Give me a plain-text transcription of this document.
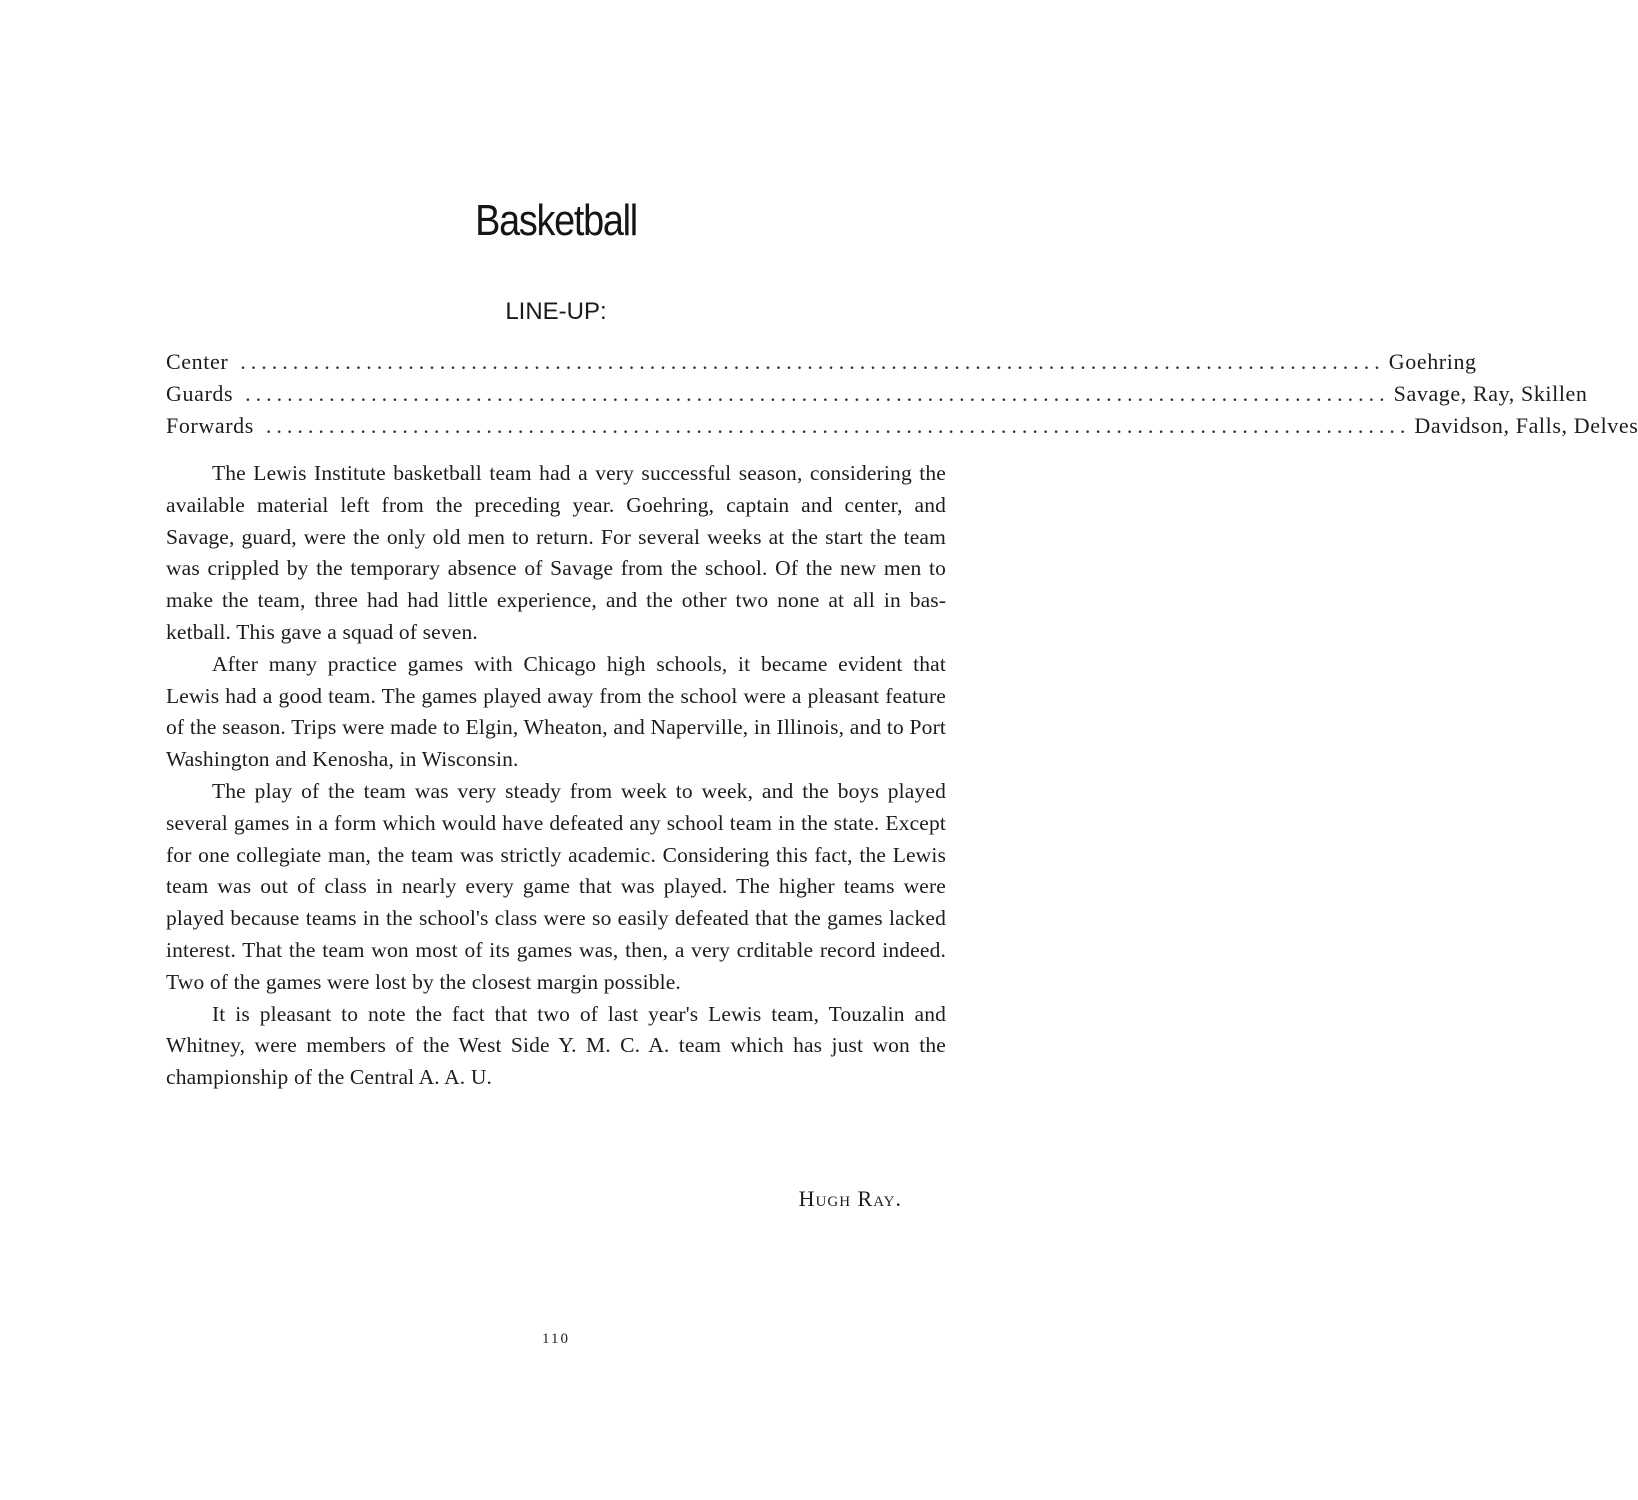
Basketball
LINE-UP:
Center ............................................................................................................. Goehring
Guards ............................................................................................................. Savage, Ray, Skillen
Forwards ............................................................................................................. Davidson, Falls, Delves

The Lewis Institute basketball team had a very successful season, considering the available material left from the preceding year. Goehring, captain and center, and Savage, guard, were the only old men to return. For several weeks at the start the team was crippled by the temporary absence of Savage from the school. Of the new men to make the team, three had had little experience, and the other two none at all in basketball. This gave a squad of seven.

After many practice games with Chicago high schools, it became evident that Lewis had a good team. The games played away from the school were a pleasant feature of the season. Trips were made to Elgin, Wheaton, and Naperville, in Illinois, and to Port Washington and Kenosha, in Wisconsin.

The play of the team was very steady from week to week, and the boys played several games in a form which would have defeated any school team in the state. Except for one collegiate man, the team was strictly academic. Considering this fact, the Lewis team was out of class in nearly every game that was played. The higher teams were played because teams in the school's class were so easily defeated that the games lacked interest. That the team won most of its games was, then, a very crditable record indeed. Two of the games were lost by the closest margin possible.

It is pleasant to note the fact that two of last year's Lewis team, Touzalin and Whitney, were members of the West Side Y. M. C. A. team which has just won the championship of the Central A. A. U.

Hugh Ray.
110
